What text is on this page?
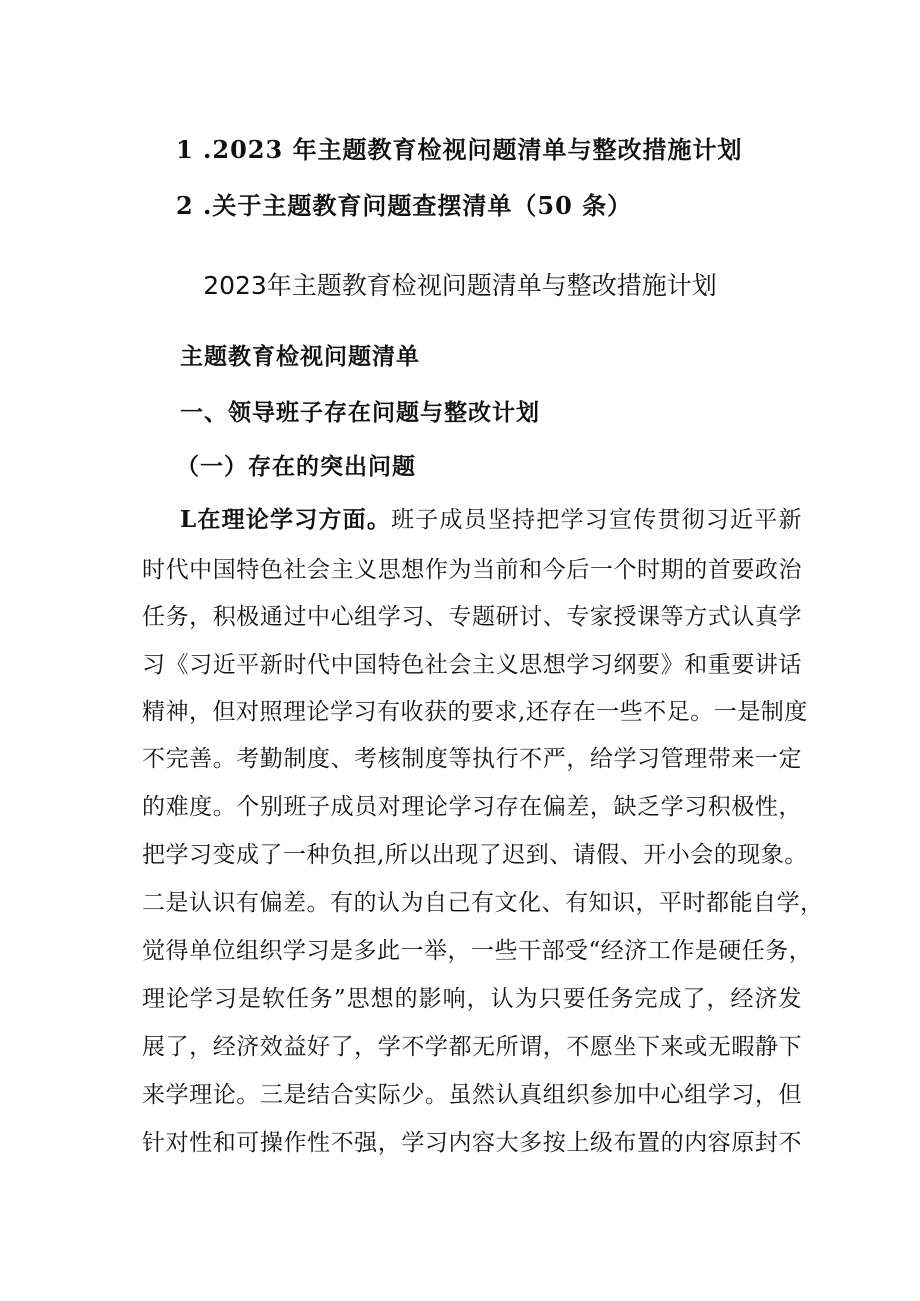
1 .2023 年主题教育检视问题清单与整改措施计划
2 .关于主题教育问题查摆清单（50 条）
2023年主题教育检视问题清单与整改措施计划
主题教育检视问题清单
一、领导班子存在问题与整改计划
（一）存在的突出问题
L在理论学习方面。班子成员坚持把学习宣传贯彻习近平新
时代中国特色社会主义思想作为当前和今后一个时期的首要政治
任务，积极通过中心组学习、专题研讨、专家授课等方式认真学
习《习近平新时代中国特色社会主义思想学习纲要》和重要讲话
精神，但对照理论学习有收获的要求,还存在一些不足。一是制度
不完善。考勤制度、考核制度等执行不严，给学习管理带来一定
的难度。个别班子成员对理论学习存在偏差，缺乏学习积极性，
把学习变成了一种负担,所以出现了迟到、请假、开小会的现象。
二是认识有偏差。有的认为自己有文化、有知识，平时都能自学，
觉得单位组织学习是多此一举，一些干部受“经济工作是硬任务，
理论学习是软任务”思想的影响，认为只要任务完成了，经济发
展了，经济效益好了，学不学都无所谓，不愿坐下来或无暇静下
来学理论。三是结合实际少。虽然认真组织参加中心组学习，但
针对性和可操作性不强，学习内容大多按上级布置的内容原封不
